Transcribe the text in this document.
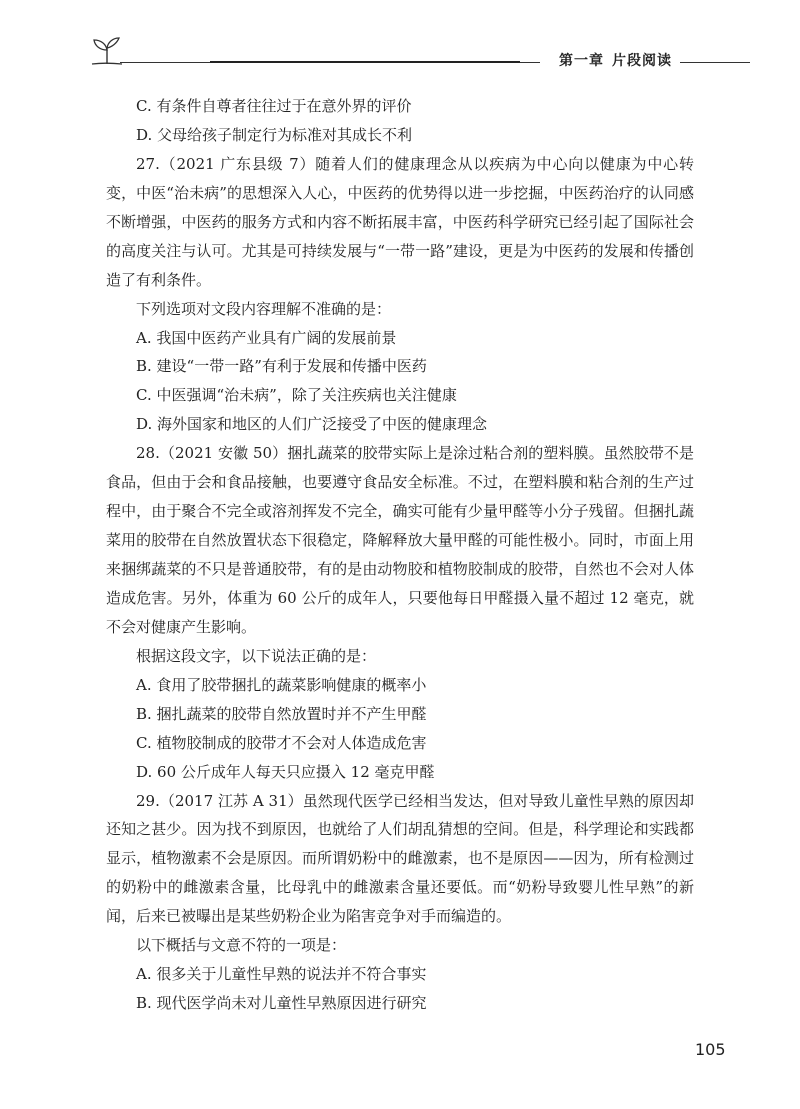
第一章  片段阅读

C. 有条件自尊者往往过于在意外界的评价

D. 父母给孩子制定行为标准对其成长不利

27.（2021 广东县级 7）随着人们的健康理念从以疾病为中心向以健康为中心转变，中医“治未病”的思想深入人心，中医药的优势得以进一步挖掘，中医药治疗的认同感不断增强，中医药的服务方式和内容不断拓展丰富，中医药科学研究已经引起了国际社会的高度关注与认可。尤其是可持续发展与“一带一路”建设，更是为中医药的发展和传播创造了有利条件。

下列选项对文段内容理解不准确的是：

A. 我国中医药产业具有广阔的发展前景

B. 建设“一带一路”有利于发展和传播中医药

C. 中医强调“治未病”，除了关注疾病也关注健康

D. 海外国家和地区的人们广泛接受了中医的健康理念

28.（2021 安徽 50）捆扎蔬菜的胶带实际上是涂过粘合剂的塑料膜。虽然胶带不是食品，但由于会和食品接触，也要遵守食品安全标准。不过，在塑料膜和粘合剂的生产过程中，由于聚合不完全或溶剂挥发不完全，确实可能有少量甲醛等小分子残留。但捆扎蔬菜用的胶带在自然放置状态下很稳定，降解释放大量甲醛的可能性极小。同时，市面上用来捆绑蔬菜的不只是普通胶带，有的是由动物胶和植物胶制成的胶带，自然也不会对人体造成危害。另外，体重为 60 公斤的成年人，只要他每日甲醛摄入量不超过 12 毫克，就不会对健康产生影响。

根据这段文字，以下说法正确的是：

A. 食用了胶带捆扎的蔬菜影响健康的概率小

B. 捆扎蔬菜的胶带自然放置时并不产生甲醛

C. 植物胶制成的胶带才不会对人体造成危害

D. 60 公斤成年人每天只应摄入 12 毫克甲醛

29.（2017 江苏 A 31）虽然现代医学已经相当发达，但对导致儿童性早熟的原因却还知之甚少。因为找不到原因，也就给了人们胡乱猜想的空间。但是，科学理论和实践都显示，植物激素不会是原因。而所谓奶粉中的雌激素，也不是原因——因为，所有检测过的奶粉中的雌激素含量，比母乳中的雌激素含量还要低。而“奶粉导致婴儿性早熟”的新闻，后来已被曝出是某些奶粉企业为陷害竞争对手而编造的。

以下概括与文意不符的一项是：

A. 很多关于儿童性早熟的说法并不符合事实

B. 现代医学尚未对儿童性早熟原因进行研究

105
